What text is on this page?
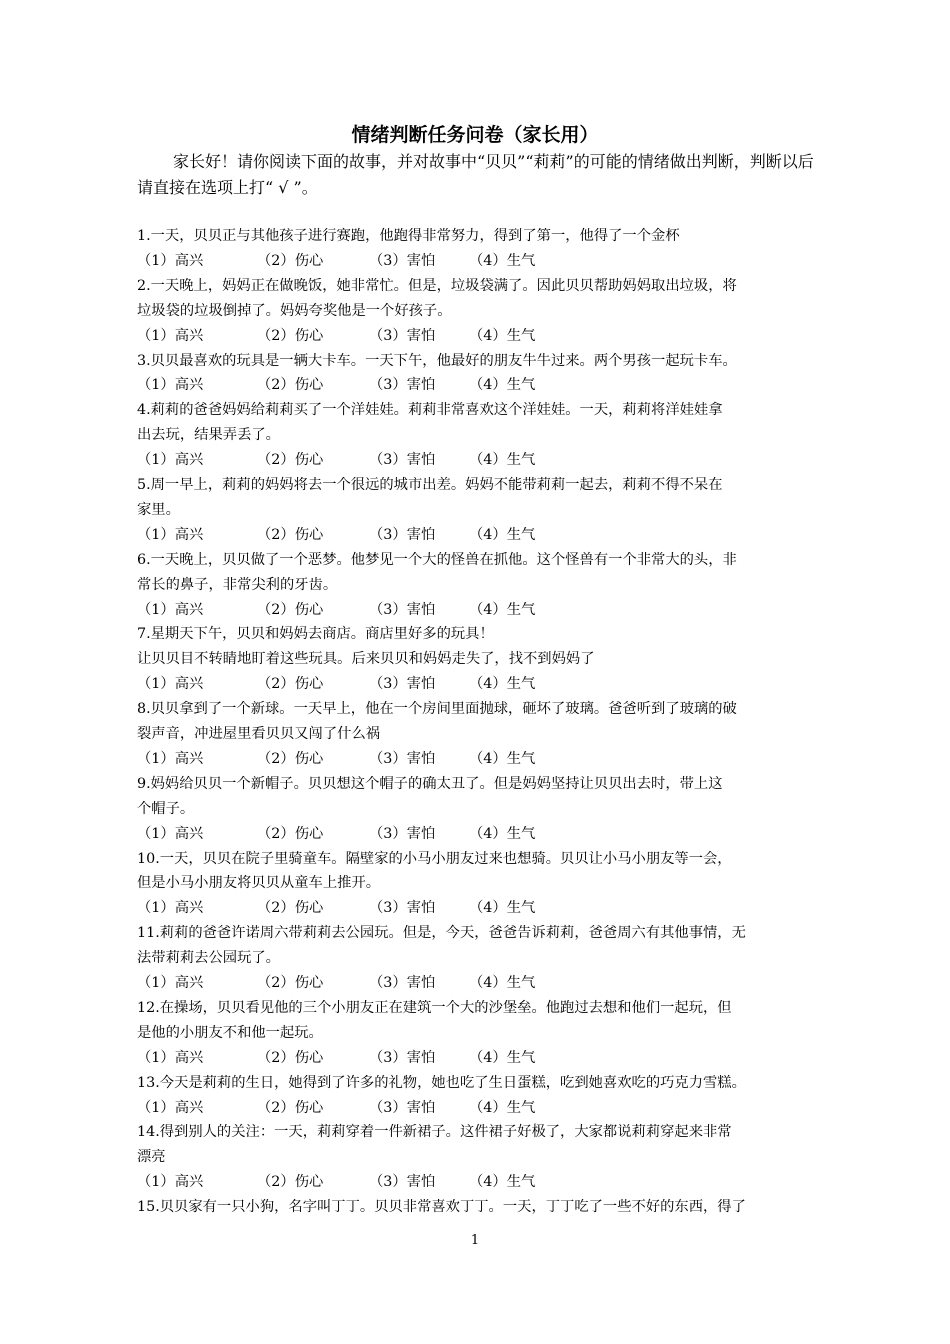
情绪判断任务问卷（家长用）

家长好！请你阅读下面的故事，并对故事中“贝贝”“莉莉”的可能的情绪做出判断，判断以后请直接在选项上打“ √ ”。

1.一天，贝贝正与其他孩子进行赛跑，他跑得非常努力，得到了第一，他得了一个金杯
（1）高兴	（2）伤心	（3）害怕	（4）生气
2.一天晚上，妈妈正在做晚饭，她非常忙。但是，垃圾袋满了。因此贝贝帮助妈妈取出垃圾，将
垃圾袋的垃圾倒掉了。妈妈夸奖他是一个好孩子。
（1）高兴	（2）伤心	（3）害怕	（4）生气
3.贝贝最喜欢的玩具是一辆大卡车。一天下午，他最好的朋友牛牛过来。两个男孩一起玩卡车。
（1）高兴	（2）伤心	（3）害怕	（4）生气
4.莉莉的爸爸妈妈给莉莉买了一个洋娃娃。莉莉非常喜欢这个洋娃娃。一天，莉莉将洋娃娃拿
出去玩，结果弄丢了。
（1）高兴	（2）伤心	（3）害怕	（4）生气
5.周一早上，莉莉的妈妈将去一个很远的城市出差。妈妈不能带莉莉一起去，莉莉不得不呆在
家里。
（1）高兴	（2）伤心	（3）害怕	（4）生气
6.一天晚上，贝贝做了一个恶梦。他梦见一个大的怪兽在抓他。这个怪兽有一个非常大的头，非
常长的鼻子，非常尖利的牙齿。
（1）高兴	（2）伤心	（3）害怕	（4）生气
7.星期天下午，贝贝和妈妈去商店。商店里好多的玩具！
让贝贝目不转睛地盯着这些玩具。后来贝贝和妈妈走失了，找不到妈妈了
（1）高兴	（2）伤心	（3）害怕	（4）生气
8.贝贝拿到了一个新球。一天早上，他在一个房间里面抛球，砸坏了玻璃。爸爸听到了玻璃的破
裂声音，冲进屋里看贝贝又闯了什么祸
（1）高兴	（2）伤心	（3）害怕	（4）生气
9.妈妈给贝贝一个新帽子。贝贝想这个帽子的确太丑了。但是妈妈坚持让贝贝出去时，带上这
个帽子。
（1）高兴	（2）伤心	（3）害怕	（4）生气
10.一天，贝贝在院子里骑童车。隔壁家的小马小朋友过来也想骑。贝贝让小马小朋友等一会，
但是小马小朋友将贝贝从童车上推开。
（1）高兴	（2）伤心	（3）害怕	（4）生气
11.莉莉的爸爸许诺周六带莉莉去公园玩。但是，今天，爸爸告诉莉莉，爸爸周六有其他事情，无
法带莉莉去公园玩了。
（1）高兴	（2）伤心	（3）害怕	（4）生气
12.在操场，贝贝看见他的三个小朋友正在建筑一个大的沙堡垒。他跑过去想和他们一起玩，但
是他的小朋友不和他一起玩。
（1）高兴	（2）伤心	（3）害怕	（4）生气
13.今天是莉莉的生日，她得到了许多的礼物，她也吃了生日蛋糕，吃到她喜欢吃的巧克力雪糕。
（1）高兴	（2）伤心	（3）害怕	（4）生气
14.得到别人的关注：一天，莉莉穿着一件新裙子。这件裙子好极了，大家都说莉莉穿起来非常
漂亮
（1）高兴	（2）伤心	（3）害怕	（4）生气
15.贝贝家有一只小狗，名字叫丁丁。贝贝非常喜欢丁丁。一天，丁丁吃了一些不好的东西，得了
1
